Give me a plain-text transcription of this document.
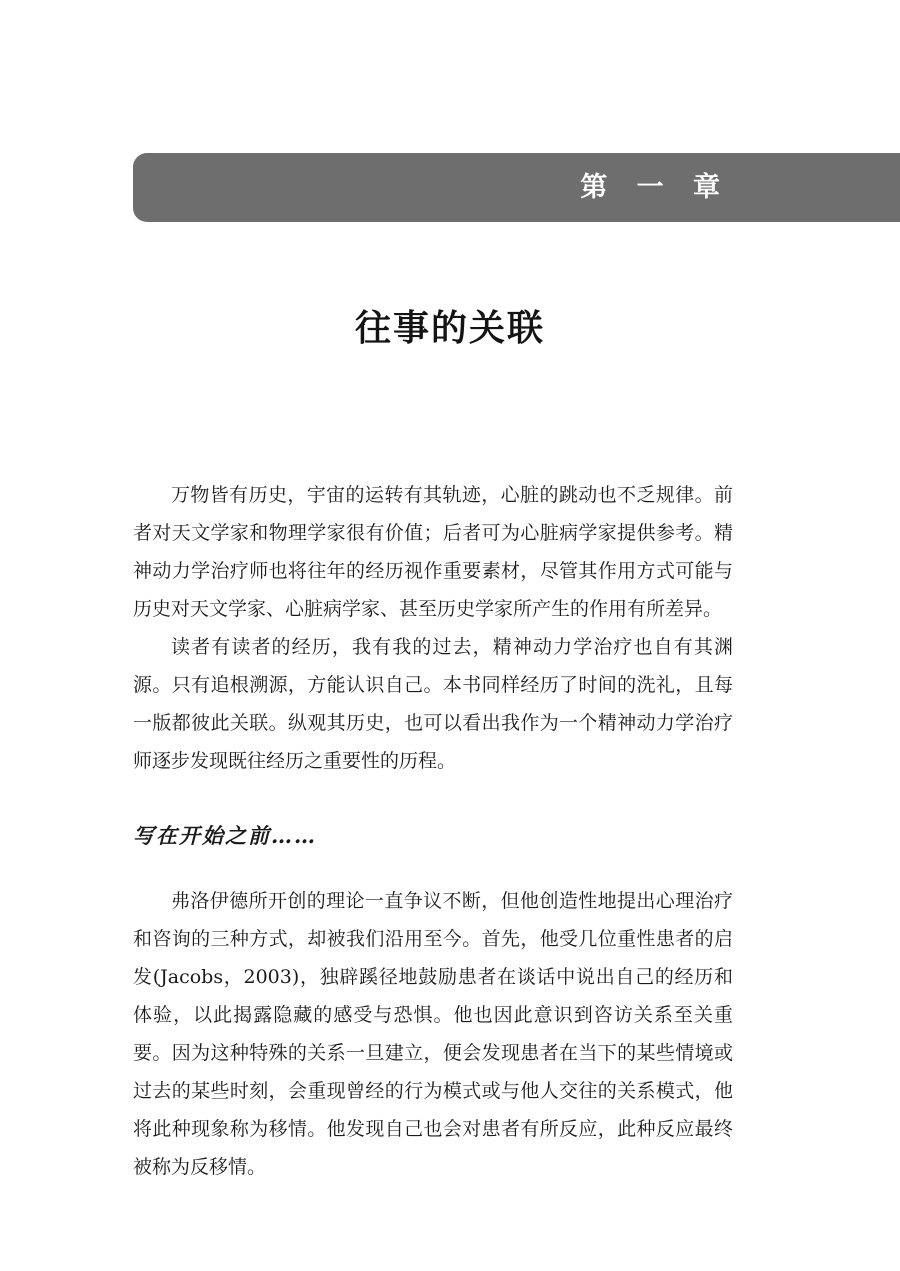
第 一 章
往事的关联

万物皆有历史，宇宙的运转有其轨迹，心脏的跳动也不乏规律。前者对天文学家和物理学家很有价值；后者可为心脏病学家提供参考。精神动力学治疗师也将往年的经历视作重要素材，尽管其作用方式可能与历史对天文学家、心脏病学家、甚至历史学家所产生的作用有所差异。

读者有读者的经历，我有我的过去，精神动力学治疗也自有其渊源。只有追根溯源，方能认识自己。本书同样经历了时间的洗礼，且每一版都彼此关联。纵观其历史，也可以看出我作为一个精神动力学治疗师逐步发现既往经历之重要性的历程。

写在开始之前……

弗洛伊德所开创的理论一直争议不断，但他创造性地提出心理治疗和咨询的三种方式，却被我们沿用至今。首先，他受几位重性患者的启发(Jacobs，2003)，独辟蹊径地鼓励患者在谈话中说出自己的经历和体验，以此揭露隐藏的感受与恐惧。他也因此意识到咨访关系至关重要。因为这种特殊的关系一旦建立，便会发现患者在当下的某些情境或过去的某些时刻，会重现曾经的行为模式或与他人交往的关系模式，他将此种现象称为移情。他发现自己也会对患者有所反应，此种反应最终被称为反移情。
